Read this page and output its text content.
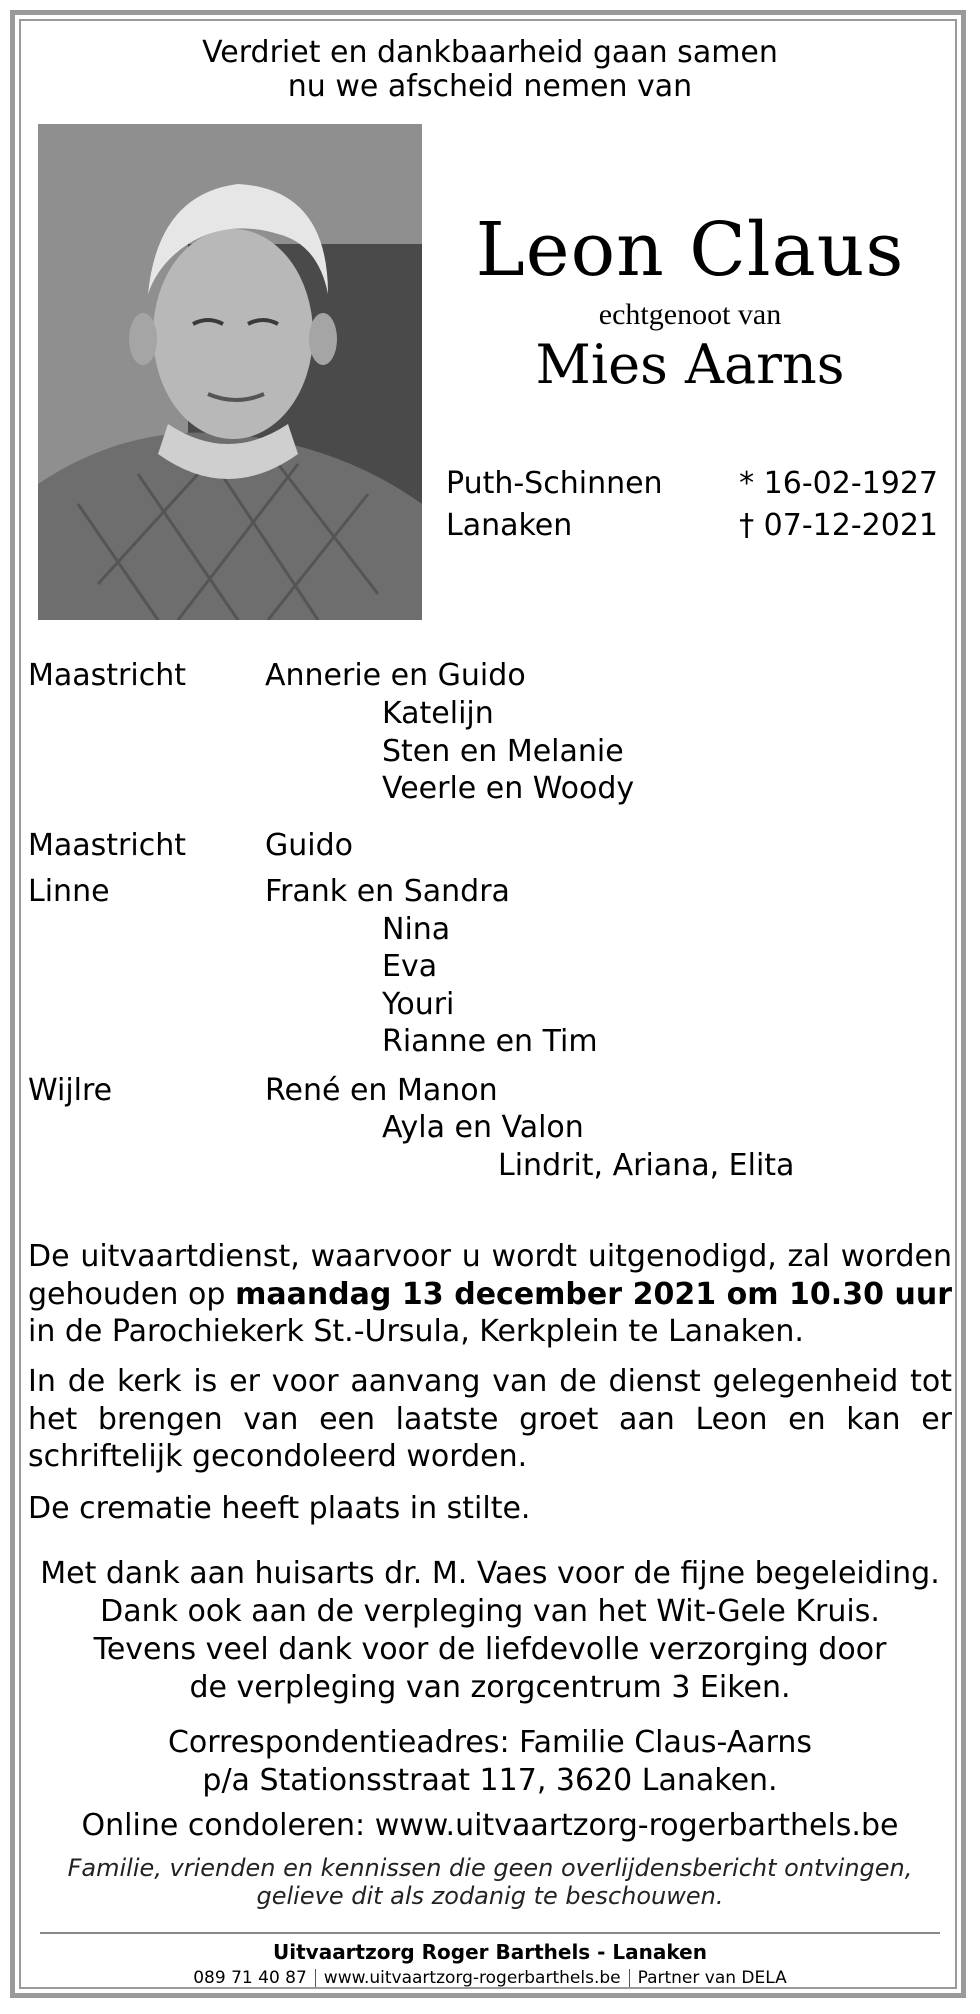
Verdriet en dankbaarheid gaan samen
nu we afscheid nemen van
Leon Claus
echtgenoot van
Mies Aarns
Puth-Schinnen	* 16-02-1927
Lanaken	† 07-12-2021
Maastricht	Annerie en Guido
Katelijn
Sten en Melanie
Veerle en Woody
Maastricht	Guido
Linne	Frank en Sandra
Nina
Eva
Youri
Rianne en Tim
Wijlre	René en Manon
Ayla en Valon
Lindrit, Ariana, Elita
De uitvaartdienst, waarvoor u wordt uitgenodigd, zal worden gehouden op maandag 13 december 2021 om 10.30 uur in de Parochiekerk St.-Ursula, Kerkplein te Lanaken.
In de kerk is er voor aanvang van de dienst gelegenheid tot het brengen van een laatste groet aan Leon en kan er schriftelijk gecondoleerd worden.
De crematie heeft plaats in stilte.
Met dank aan huisarts dr. M. Vaes voor de fijne begeleiding.
Dank ook aan de verpleging van het Wit-Gele Kruis.
Tevens veel dank voor de liefdevolle verzorging door
de verpleging van zorgcentrum 3 Eiken.
Correspondentieadres: Familie Claus-Aarns
p/a Stationsstraat 117, 3620 Lanaken.
Online condoleren: www.uitvaartzorg-rogerbarthels.be
Familie, vrienden en kennissen die geen overlijdensbericht ontvingen,
gelieve dit als zodanig te beschouwen.
Uitvaartzorg Roger Barthels - Lanaken
089 71 40 87 www.uitvaartzorg-rogerbarthels.be Partner van DELA
